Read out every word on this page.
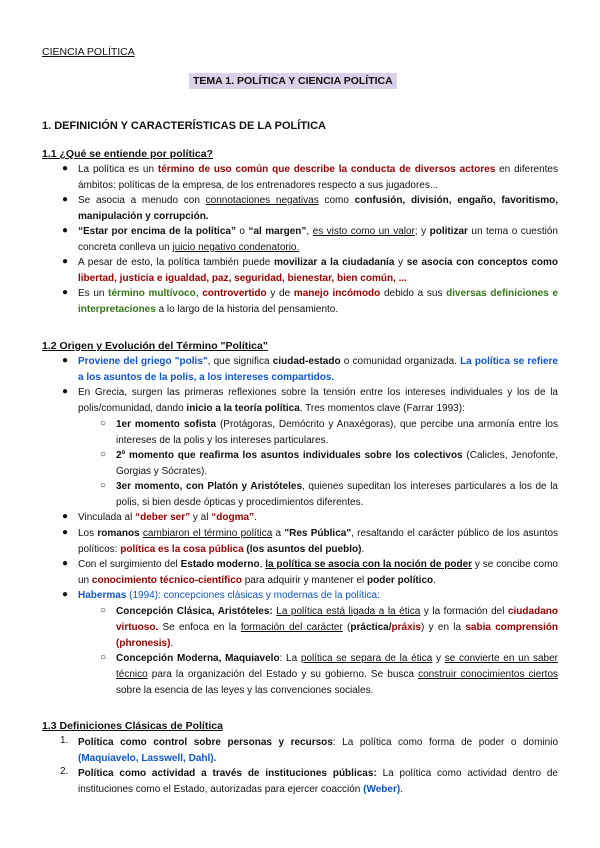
CIENCIA POLÍTICA
TEMA 1. POLÍTICA Y CIENCIA POLÍTICA
1. DEFINICIÓN Y CARACTERÍSTICAS DE LA POLÍTICA
1.1 ¿Qué se entiende por política?
● La política es un término de uso común que describe la conducta de diversos actores en diferentes ámbitos: políticas de la empresa, de los entrenadores respecto a sus jugadores...
● Se asocia a menudo con connotaciones negativas como confusión, división, engaño, favoritismo, manipulación y corrupción.
● “Estar por encima de la política” o “al margen”, es visto como un valor; y politizar un tema o cuestión concreta conlleva un juicio negativo condenatorio.
● A pesar de esto, la política también puede movilizar a la ciudadanía y se asocia con conceptos como libertad, justicia e igualdad, paz, seguridad, bienestar, bien común, ...
● Es un término multívoco, controvertido y de manejo incómodo debido a sus diversas definiciones e interpretaciones a lo largo de la historia del pensamiento.
1.2 Origen y Evolución del Término "Política"
● Proviene del griego "polis", que significa ciudad-estado o comunidad organizada. La política se refiere a los asuntos de la polis, a los intereses compartidos.
● En Grecia, surgen las primeras reflexiones sobre la tensión entre los intereses individuales y los de la polis/comunidad, dando inicio a la teoría política. Tres momentos clave (Farrar 1993):
○ 1er momento sofista (Protágoras, Demócrito y Anaxégoras), que percibe una armonía entre los intereses de la polis y los intereses particulares.
○ 2º momento que reafirma los asuntos individuales sobre los colectivos (Calicles, Jenofonte, Gorgias y Sócrates).
○ 3er momento, con Platón y Aristóteles, quienes supeditan los intereses particulares a los de la polis, si bien desde ópticas y procedimientos diferentes.
● Vinculada al “deber ser” y al “dogma”.
● Los romanos cambiaron el término política a "Res Pública", resaltando el carácter público de los asuntos políticos: política es la cosa pública (los asuntos del pueblo).
● Con el surgimiento del Estado moderno, la política se asocia con la noción de poder y se concibe como un conocimiento técnico-científico para adquirir y mantener el poder político.
● Habermas (1994): concepciones clásicas y modernas de la política:
○ Concepción Clásica, Aristóteles: La política está ligada a la ética y la formación del ciudadano virtuoso. Se enfoca en la formación del carácter (práctica/práxis) y en la sabia comprensión (phronesis).
○ Concepción Moderna, Maquiavelo: La política se separa de la ética y se convierte en un saber técnico para la organización del Estado y su gobierno. Se busca construir conocimientos ciertos sobre la esencia de las leyes y las convenciones sociales.
1.3 Definiciones Clásicas de Política
1. Política como control sobre personas y recursos: La política como forma de poder o dominio (Maquiavelo, Lasswell, Dahl).
2. Política como actividad a través de instituciones públicas: La política como actividad dentro de instituciones como el Estado, autorizadas para ejercer coacción (Weber).
